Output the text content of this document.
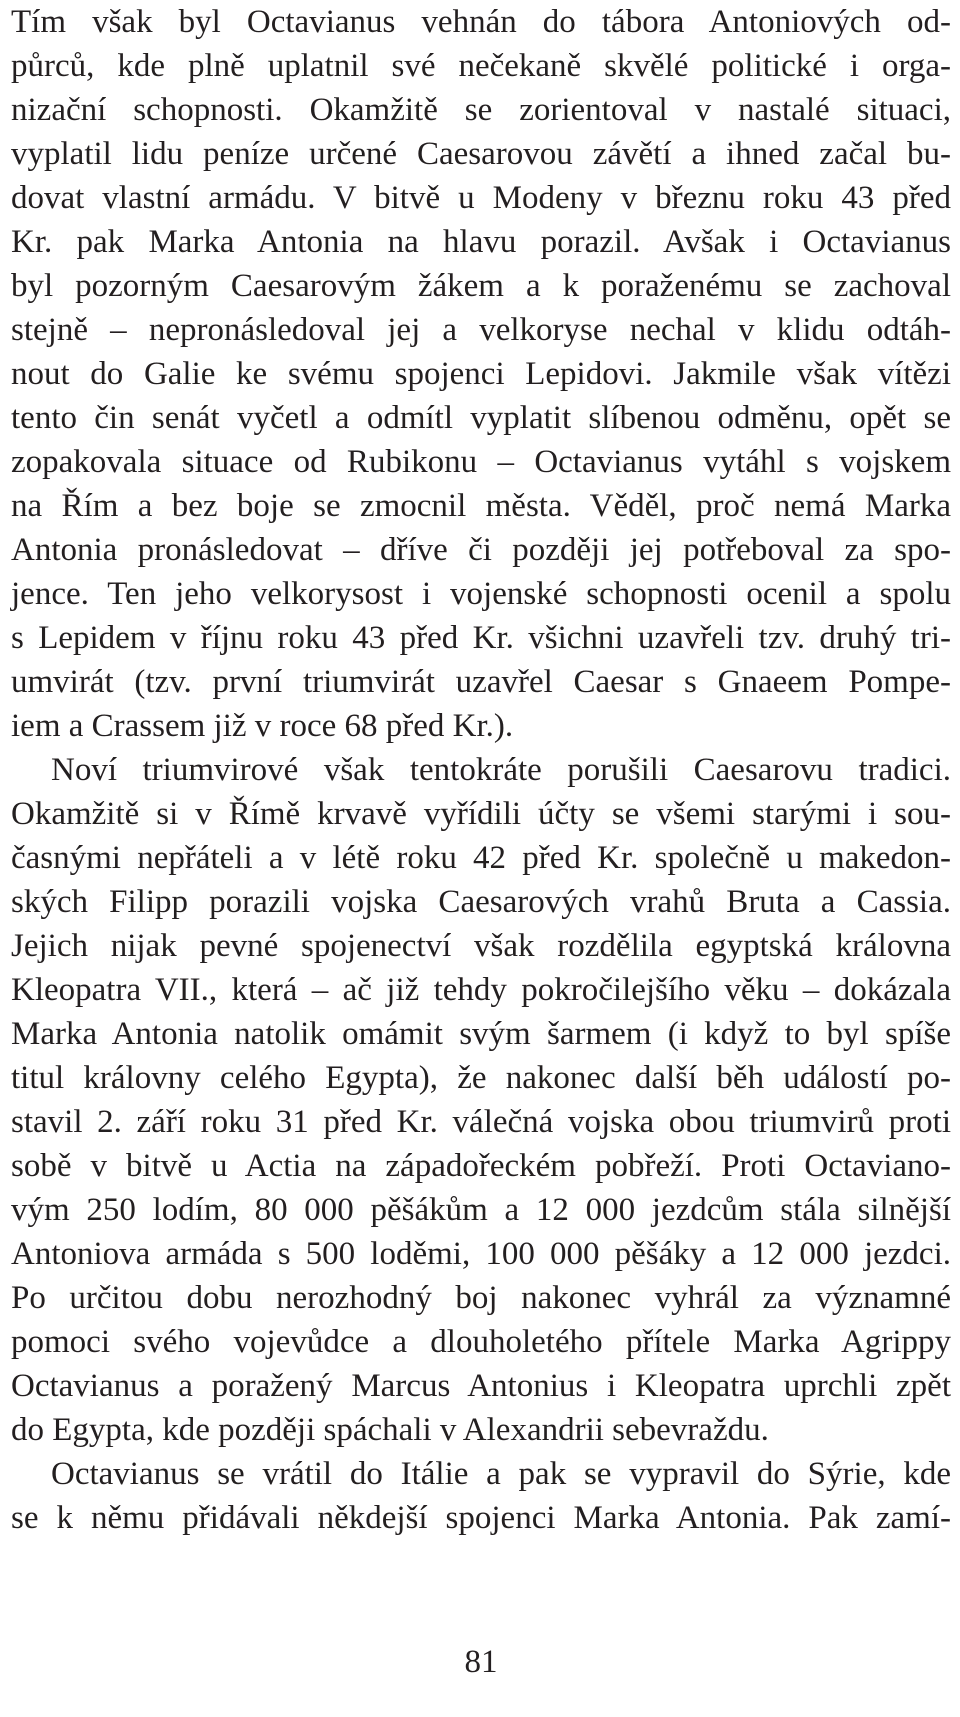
Tím však byl Octavianus vehnán do tábora Antoniových od-
půrců, kde plně uplatnil své nečekaně skvělé politické i orga-
nizační schopnosti. Okamžitě se zorientoval v nastalé situaci,
vyplatil lidu peníze určené Caesarovou závětí a ihned začal bu-
dovat vlastní armádu. V bitvě u Modeny v březnu roku 43 před
Kr. pak Marka Antonia na hlavu porazil. Avšak i Octavianus
byl pozorným Caesarovým žákem a k poraženému se zachoval
stejně – nepronásledoval jej a velkoryse nechal v klidu odtáh-
nout do Galie ke svému spojenci Lepidovi. Jakmile však vítězi
tento čin senát vyčetl a odmítl vyplatit slíbenou odměnu, opět se
zopakovala situace od Rubikonu – Octavianus vytáhl s vojskem
na Řím a bez boje se zmocnil města. Věděl, proč nemá Marka
Antonia pronásledovat – dříve či později jej potřeboval za spo-
jence. Ten jeho velkorysost i vojenské schopnosti ocenil a spolu
s Lepidem v říjnu roku 43 před Kr. všichni uzavřeli tzv. druhý tri-
umvirát (tzv. první triumvirát uzavřel Caesar s Gnaeem Pompe-
iem a Crassem již v roce 68 před Kr.).
Noví triumvirové však tentokráte porušili Caesarovu tradici.
Okamžitě si v Římě krvavě vyřídili účty se všemi starými i sou-
časnými nepřáteli a v létě roku 42 před Kr. společně u makedon-
ských Filipp porazili vojska Caesarových vrahů Bruta a Cassia.
Jejich nijak pevné spojenectví však rozdělila egyptská královna
Kleopatra VII., která – ač již tehdy pokročilejšího věku – dokázala
Marka Antonia natolik omámit svým šarmem (i když to byl spíše
titul královny celého Egypta), že nakonec další běh událostí po-
stavil 2. září roku 31 před Kr. válečná vojska obou triumvirů proti
sobě v bitvě u Actia na západořeckém pobřeží. Proti Octaviano-
vým 250 lodím, 80 000 pěšákům a 12 000 jezdcům stála silnější
Antoniova armáda s 500 loděmi, 100 000 pěšáky a 12 000 jezdci.
Po určitou dobu nerozhodný boj nakonec vyhrál za významné
pomoci svého vojevůdce a dlouholetého přítele Marka Agrippy
Octavianus a poražený Marcus Antonius i Kleopatra uprchli zpět
do Egypta, kde později spáchali v Alexandrii sebevraždu.
Octavianus se vrátil do Itálie a pak se vypravil do Sýrie, kde
se k němu přidávali někdejší spojenci Marka Antonia. Pak zamí-
81
